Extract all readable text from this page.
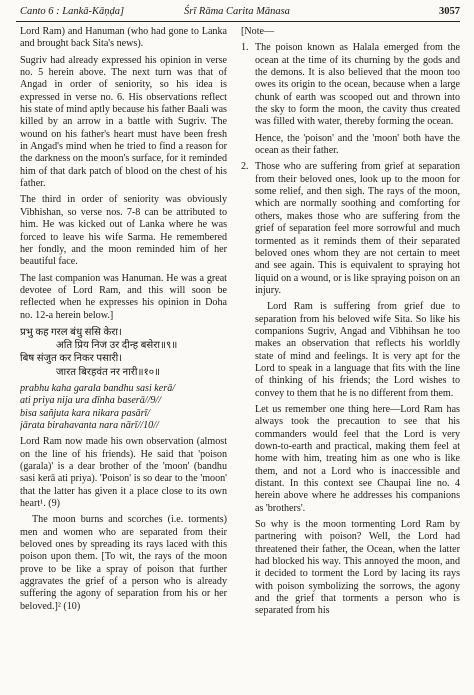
Canto 6 : Lankā-Kāṇḍa]	Śrī Rāma Carita Mānasa	3057

Lord Ram) and Hanuman (who had gone to Lanka and brought back Sita's news).

Sugriv had already expressed his opinion in verse no. 5 herein above. The next turn was that of Angad in order of seniority, so his idea is expressed in verse no. 6. His observations reflect his state of mind aptly because his father Baali was killed by an arrow in a battle with Sugriv. The wound on his father's heart must have been fresh in Angad's mind when he tried to find a reason for the darkness on the moon's surface, for it reminded him of that dark patch of blood on the chest of his father.

The third in order of seniority was obviously Vibhishan, so verse nos. 7-8 can be attributed to him. He was kicked out of Lanka where he was forced to leave his wife Sarma. He remembered her fondly, and the moon reminded him of her beautiful face.

The last companion was Hanuman. He was a great devotee of Lord Ram, and this will soon be reflected when he expresses his opinion in Doha no. 12-a herein below.]

प्रभु कह गरल बंधु ससि केरा।
अति प्रिय निज उर दीन्ह बसेरा॥९॥
बिष संजुत कर निकर पसारी।
जारत बिरहवंत नर नारी॥१०॥
prabhu kaha garala bandhu sasi kerā/
ati priya nija ura dīnha baserā//9//
bisa sañjuta kara nikara pasārī/
jārata birahavanta nara nārī//10//

Lord Ram now made his own observation (almost on the line of his friends). He said that 'poison (garala)' is a dear brother of the 'moon' (bandhu sasi kerā ati priya). 'Poison' is so dear to the 'moon' that the latter has given it a place close to its own heart¹. (9)

The moon burns and scorches (i.e. torments) men and women who are separated from their beloved ones by spreading its rays laced with this poison upon them. [To wit, the rays of the moon prove to be like a spray of poison that further aggravates the grief of a person who is already suffering the agony of separation from his or her beloved.]² (10)

[Note—

1. The poison known as Halala emerged from the ocean at the time of its churning by the gods and the demons. It is also believed that the moon too owes its origin to the ocean, because when a large chunk of earth was scooped out and thrown into the sky to form the moon, the cavity thus created was filled with water, thereby forming the ocean.

Hence, the 'poison' and the 'moon' both have the ocean as their father.

2. Those who are suffering from grief at separation from their beloved ones, look up to the moon for some relief, and then sigh. The rays of the moon, which are normally soothing and comforting for others, makes those who are suffering from the grief of separation feel more sorrowful and much tormented as it reminds them of their separated beloved ones whom they are not certain to meet and see again. This is equivalent to spraying hot liquid on a wound, or is like spraying poison on an injury.

Lord Ram is suffering from grief due to separation from his beloved wife Sita. So like his companions Sugriv, Angad and Vibhihsan he too makes an observation that reflects his worldly state of mind and feelings. It is very apt for the Lord to speak in a language that fits with the line of thinking of his friends; the Lord wishes to convey to them that he is no different from them.

Let us remember one thing here—Lord Ram has always took the precaution to see that his commanders would feel that the Lord is very down-to-earth and practical, making them feel at home with him, treating him as one who is like them, and not a Lord who is inaccessible and distant. In this context see Chaupai line no. 4 herein above where he addresses his companions as 'brothers'.

So why is the moon tormenting Lord Ram by partnering with poison? Well, the Lord had threatened their father, the Ocean, when the latter had blocked his way. This annoyed the moon, and it decided to torment the Lord by lacing its rays with poison symbolizing the sorrows, the agony and the grief that torments a person who is separated from his
